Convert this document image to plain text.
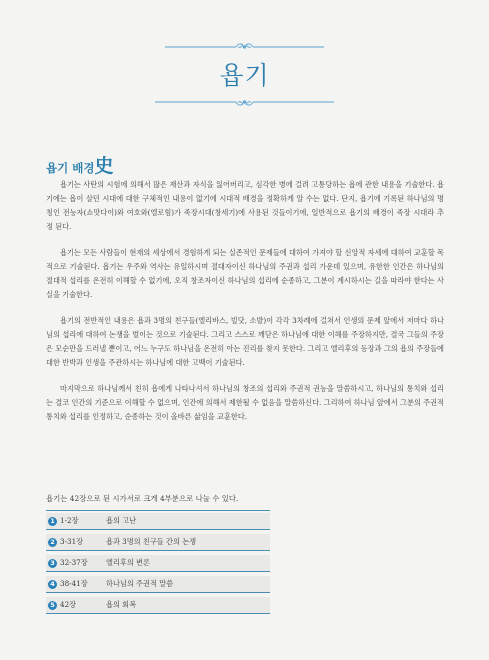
욥기
욥기 배경史

욥기는 사탄의 시험에 의해서 많은 재산과 자식을 잃어버리고, 심각한 병에 걸려 고통당하는 욥에 관한 내용을 기술한다. 욥기에는 욥이 살던 시대에 대한 구체적인 내용이 없기에 시대적 배경을 정확하게 알 수는 없다. 단지, 욥기에 기록된 하나님의 명칭인 전능자(쇼맛다이)와 여호와(엘로힘)가 족장시대(창세기)에 사용된 것들이기에, 일반적으로 욥기의 배경이 족장 시대라 추정 된다.

욥기는 모든 사람들이 현재의 세상에서 경험하게 되는 실존적인 문제들에 대하여 가져야 할 신앙적 자세에 대하여 교훈할 목적으로 기술된다. 욥기는 우주와 역사는 유일하시며 절대자이신 하나님의 주권과 섭리 가운데 있으며, 유한한 인간은 하나님의 절대적 섭리를 온전히 이해할 수 없기에, 오직 창조자이신 하나님의 섭리에 순종하고, 그분이 계시하시는 길을 따라야 한다는 사실을 기술한다.

욥기의 전반적인 내용은 욥과 3명의 친구들(엘리바스, 빌닷, 소발)이 각각 3차례에 걸쳐서 인생의 문제 앞에서 저마다 하나님의 섭리에 대하여 논쟁을 벌이는 것으로 기술된다. 그리고 스스로 깨닫은 하나님에 대한 이해를 주장하지만, 결국 그들의 주장은 모순만을 드러낼 뿐이고, 어느 누구도 하나님을 온전히 아는 진리를 찾지 못한다. 그리고 엘리후의 등장과 그의 욥의 주장들에 대한 반박과 인생을 주관하시는 하나님에 대한 고백이 기술된다.

마지막으로 하나님께서 친히 욥에게 나타나셔서 하나님의 창조의 섭리와 주권적 권능을 말씀하시고, 하나님의 통치와 섭리는 결코 인간의 기준으로 이해할 수 없으며, 인간에 의해서 제한될 수 없음을 말씀하신다. 그리하여 하나님 앞에서 그분의 주권적 통치와 섭리를 인정하고, 순종하는 것이 올바른 삶임을 교훈한다.

욥기는 42장으로 된 시가서로 크게 4부분으로 나눌 수 있다.
1 1-2장	욥의 고난
2 3-31장	욥과 3명의 친구들 간의 논쟁
3 32-37장	엘리후의 변론
4 38-41장	하나님의 주권적 말씀
5 42장	욥의 회복
